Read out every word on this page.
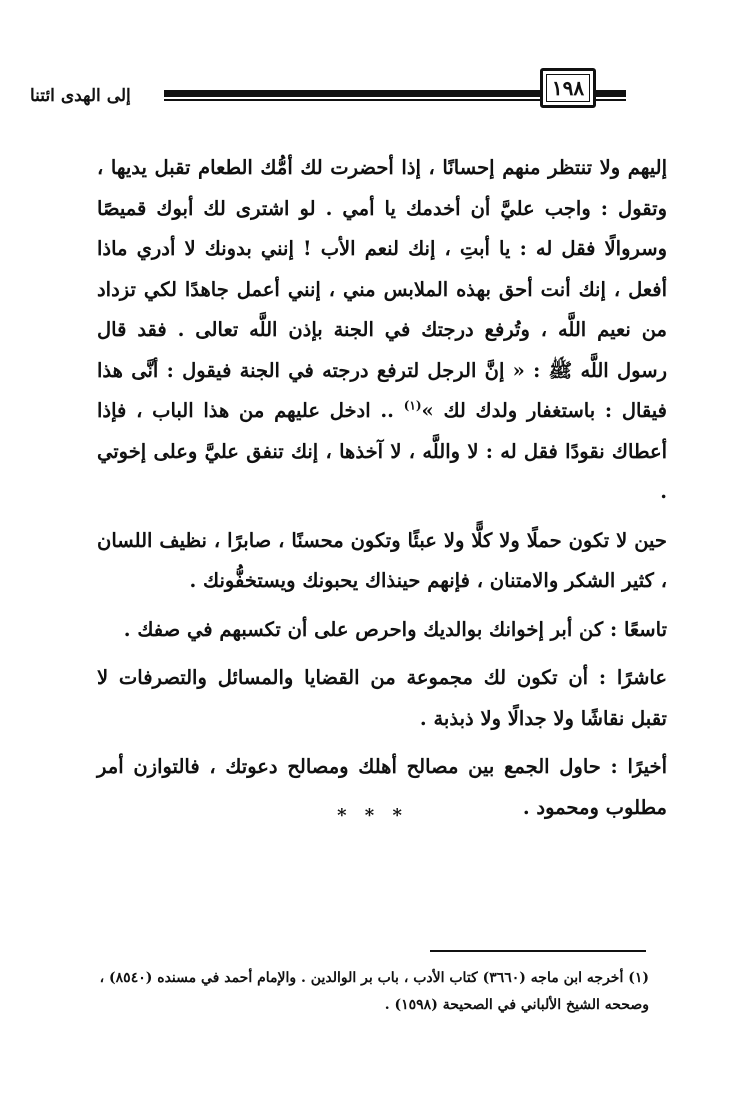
إلى الهدى ائتنا	١٩٨

إليهم ولا تنتظر منهم إحسانًا ، إذا أحضرت لك أمُّك الطعام تقبل يديها ، وتقول : واجب عليَّ أن أخدمك يا أمي . لو اشترى لك أبوك قميصًا وسروالًا فقل له : يا أبتِ ، إنك لنعم الأب ! إنني بدونك لا أدري ماذا أفعل ، إنك أنت أحق بهذه الملابس مني ، إنني أعمل جاهدًا لكي تزداد من نعيم اللَّه ، وتُرفع درجتك في الجنة بإذن اللَّه تعالى . فقد قال رسول اللَّه ﷺ : « إنَّ الرجل لترفع درجته في الجنة فيقول : أنَّى هذا فيقال : باستغفار ولدك لك »$^{(١)}$ .. ادخل عليهم من هذا الباب ، فإذا أعطاك نقودًا فقل له : لا واللَّه ، لا آخذها ، إنك تنفق عليَّ وعلى إخوتي .

حين لا تكون حملًا ولا كلًّا ولا عبئًا وتكون محسنًا ، صابرًا ، نظيف اللسان ، كثير الشكر والامتنان ، فإنهم حينذاك يحبونك ويستخفُّونك .

تاسعًا : كن أبر إخوانك بوالديك واحرص على أن تكسبهم في صفك .

عاشرًا : أن تكون لك مجموعة من القضايا والمسائل والتصرفات لا تقبل نقاشًا ولا جدالًا ولا ذبذبة .

أخيرًا : حاول الجمع بين مصالح أهلك ومصالح دعوتك ، فالتوازن أمر مطلوب ومحمود .

* * *

(١) أخرجه ابن ماجه (٣٦٦٠) كتاب الأدب ، باب بر الوالدين . والإمام أحمد في مسنده (٨٥٤٠) ،

وصححه الشيخ الألباني في الصحيحة (١٥٩٨) .
